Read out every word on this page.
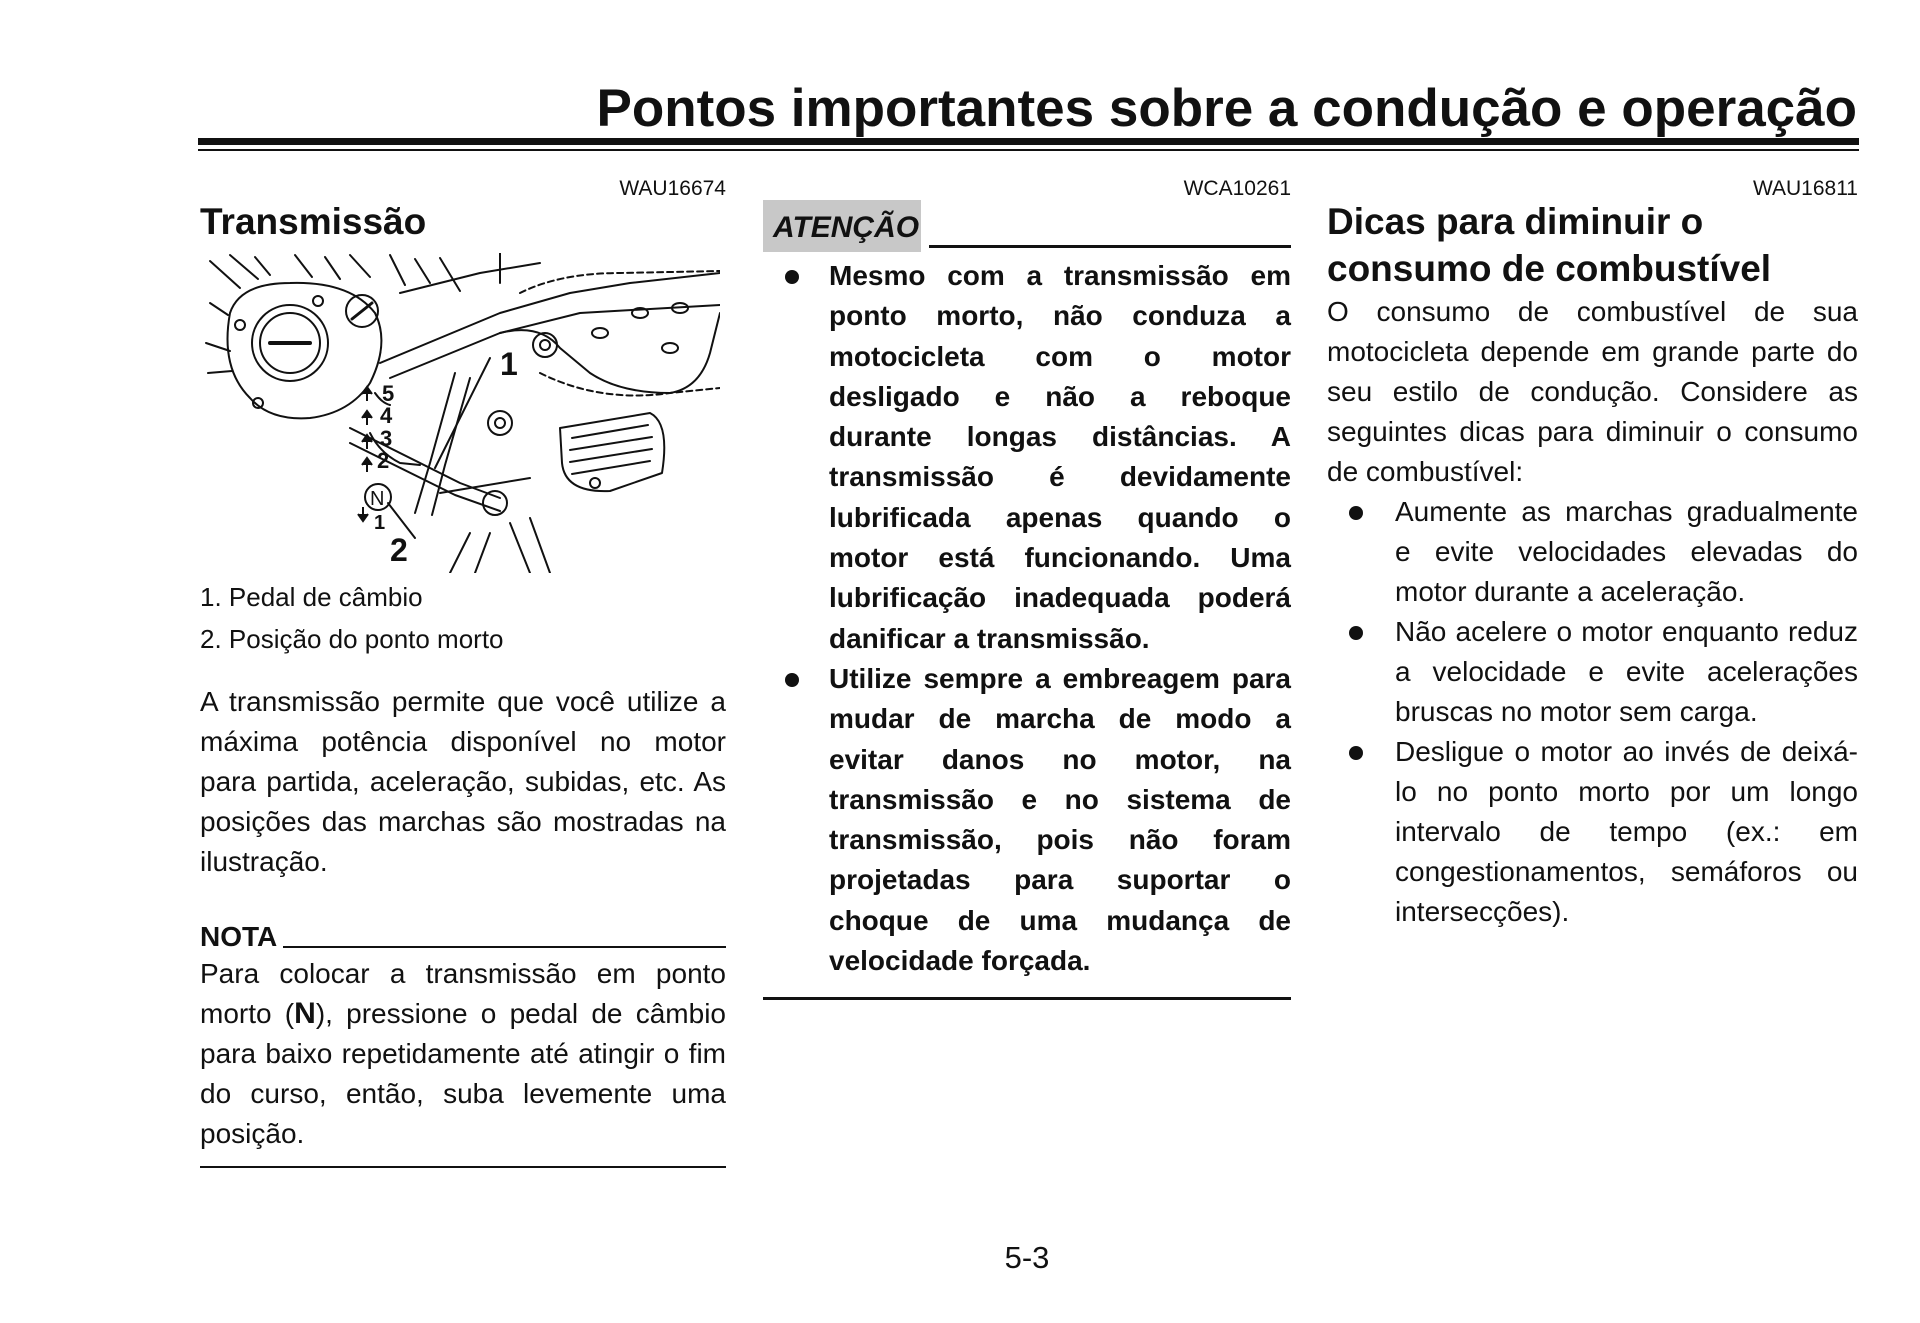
Pontos importantes sobre a condução e operação
WAU16674
Transmissão
5
4
3
2
N
1
1
2
1. Pedal de câmbio
2. Posição do ponto morto
A transmissão permite que você utilize a máxima potência disponível no motor para partida, aceleração, subidas, etc. As posições das marchas são mostradas na ilustração.
NOTA
Para colocar a transmissão em ponto morto (N), pressione o pedal de câmbio para baixo repetidamente até atingir o fim do curso, então, suba levemente uma posição.
WCA10261
ATENÇÃO
Mesmo com a transmissão em ponto morto, não conduza a motocicleta com o motor desligado e não a reboque durante longas distâncias. A transmissão é devidamente lubrificada apenas quando o motor está funcionando. Uma lubrificação inadequada poderá danificar a transmissão.
Utilize sempre a embreagem para mudar de marcha de modo a evitar danos no motor, na transmissão e no sistema de transmissão, pois não foram projetadas para suportar o choque de uma mudança de velocidade forçada.
WAU16811
Dicas para diminuir o consumo de combustível
O consumo de combustível de sua motocicleta depende em grande parte do seu estilo de condução. Considere as seguintes dicas para diminuir o consumo de combustível:
Aumente as marchas gradualmente e evite velocidades elevadas do motor durante a aceleração.
Não acelere o motor enquanto reduz a velocidade e evite acelerações bruscas no motor sem carga.
Desligue o motor ao invés de deixá-lo no ponto morto por um longo intervalo de tempo (ex.: em congestionamentos, semáforos ou intersecções).
5-3
